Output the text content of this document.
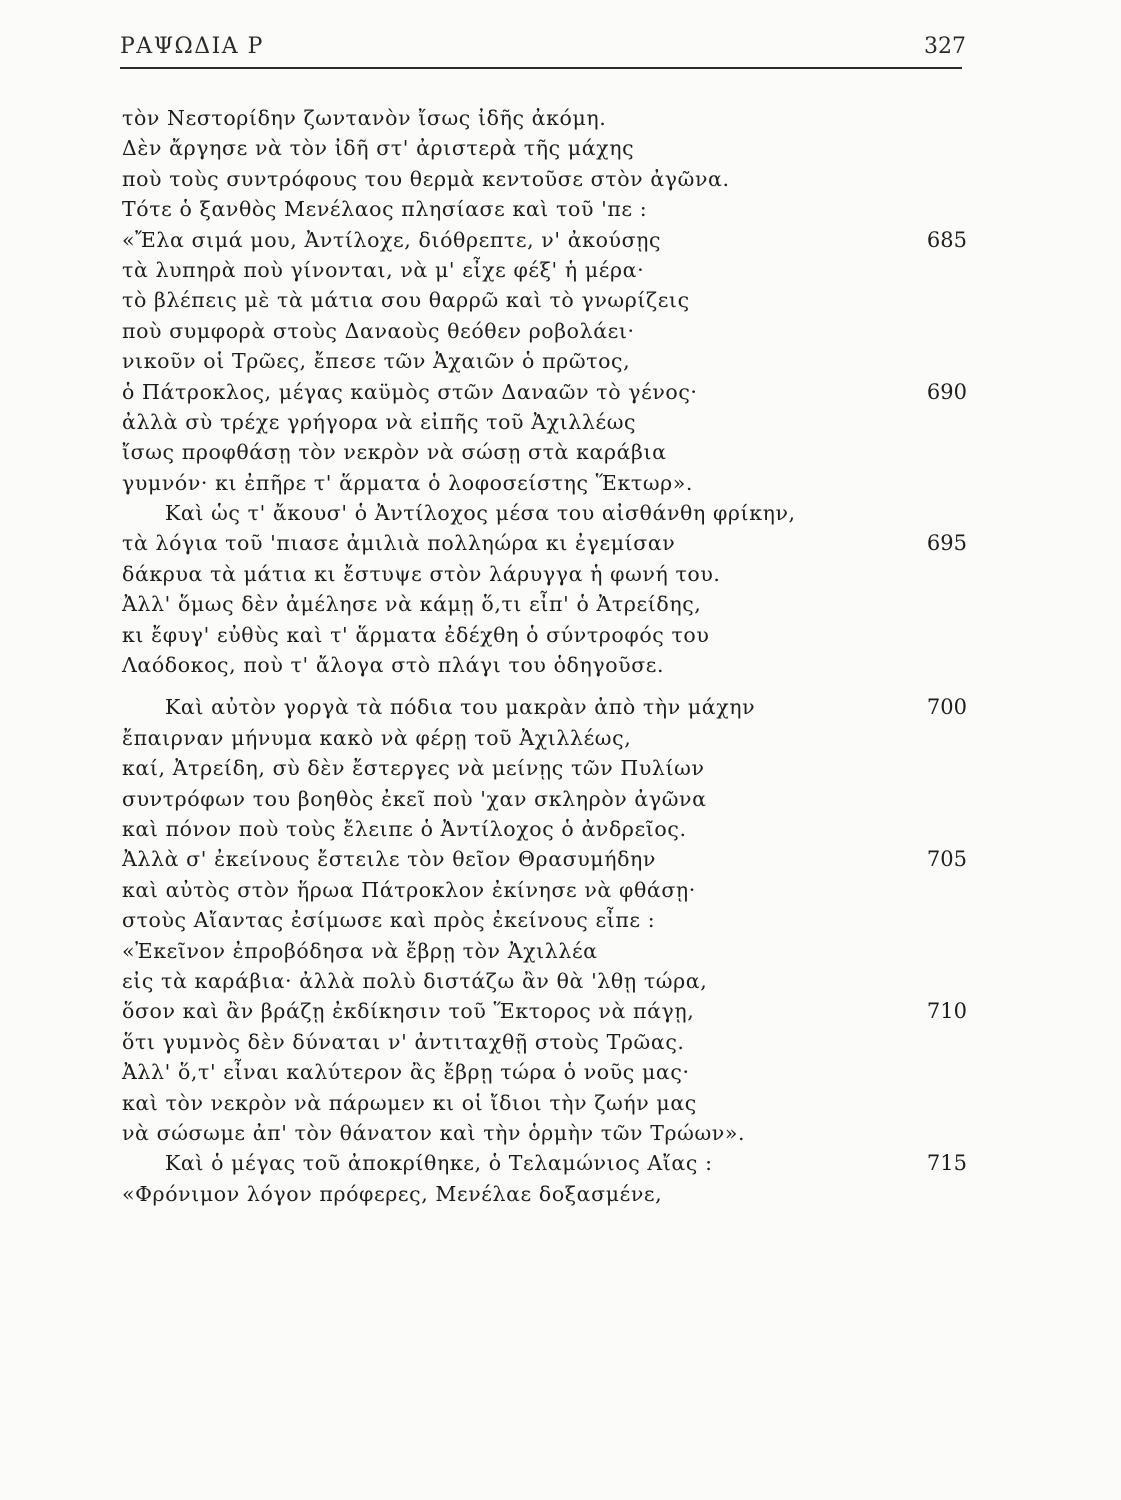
ΡΑΨΩΔΙΑ Ρ	327
τὸν Νεστορίδην ζωντανὸν ἴσως ἰδῆς ἀκόμη.
Δὲν ἄργησε νὰ τὸν ἰδῆ στ' ἀριστερὰ τῆς μάχης
ποὺ τοὺς συντρόφους του θερμὰ κεντοῦσε στὸν ἀγῶνα.
Τότε ὁ ξανθὸς Μενέλαος πλησίασε καὶ τοῦ 'πε :
«Ἔλα σιμά μου, Ἀντίλοχε, διόθρεπτε, ν' ἀκούσῃς	685
τὰ λυπηρὰ ποὺ γίνονται, νὰ μ' εἶχε φέξ' ἡ μέρα·
τὸ βλέπεις μὲ τὰ μάτια σου θαρρῶ καὶ τὸ γνωρίζεις
ποὺ συμφορὰ στοὺς Δαναοὺς θεόθεν ροβολάει·
νικοῦν οἱ Τρῶες, ἔπεσε τῶν Ἀχαιῶν ὁ πρῶτος,
ὁ Πάτροκλος, μέγας καϋμὸς στῶν Δαναῶν τὸ γένος·	690
ἀλλὰ σὺ τρέχε γρήγορα νὰ εἰπῆς τοῦ Ἀχιλλέως
ἴσως προφθάσῃ τὸν νεκρὸν νὰ σώσῃ στὰ καράβια
γυμνόν· κι ἐπῆρε τ' ἅρματα ὁ λοφοσείστης Ἕκτωρ».
Καὶ ὡς τ' ἄκουσ' ὁ Ἀντίλοχος μέσα του αἰσθάνθη φρίκην,
τὰ λόγια τοῦ 'πιασε ἀμιλιὰ πολληώρα κι ἐγεμίσαν	695
δάκρυα τὰ μάτια κι ἔστυψε στὸν λάρυγγα ἡ φωνή του.
Ἀλλ' ὅμως δὲν ἀμέλησε νὰ κάμῃ ὅ,τι εἶπ' ὁ Ἀτρείδης,
κι ἔφυγ' εὐθὺς καὶ τ' ἅρματα ἐδέχθη ὁ σύντροφός του
Λαόδοκος, ποὺ τ' ἄλογα στὸ πλάγι του ὁδηγοῦσε.
Καὶ αὐτὸν γοργὰ τὰ πόδια του μακρὰν ἀπὸ τὴν μάχην	700
ἔπαιρναν μήνυμα κακὸ νὰ φέρῃ τοῦ Ἀχιλλέως,
καί, Ἀτρείδη, σὺ δὲν ἔστεργες νὰ μείνῃς τῶν Πυλίων
συντρόφων του βοηθὸς ἐκεῖ ποὺ 'χαν σκληρὸν ἀγῶνα
καὶ πόνον ποὺ τοὺς ἔλειπε ὁ Ἀντίλοχος ὁ ἀνδρεῖος.
Ἀλλὰ σ' ἐκείνους ἔστειλε τὸν θεῖον Θρασυμήδην	705
καὶ αὐτὸς στὸν ἥρωα Πάτροκλον ἐκίνησε νὰ φθάσῃ·
στοὺς Αἴαντας ἐσίμωσε καὶ πρὸς ἐκείνους εἶπε :
«Ἐκεῖνον ἐπροβόδησα νὰ ἔβρῃ τὸν Ἀχιλλέα
εἰς τὰ καράβια· ἀλλὰ πολὺ διστάζω ἂν θὰ 'λθῃ τώρα,
ὅσον καὶ ἂν βράζῃ ἐκδίκησιν τοῦ Ἕκτορος νὰ πάγῃ,	710
ὅτι γυμνὸς δὲν δύναται ν' ἀντιταχθῇ στοὺς Τρῶας.
Ἀλλ' ὅ,τ' εἶναι καλύτερον ἂς ἔβρῃ τώρα ὁ νοῦς μας·
καὶ τὸν νεκρὸν νὰ πάρωμεν κι οἱ ἴδιοι τὴν ζωήν μας
νὰ σώσωμε ἀπ' τὸν θάνατον καὶ τὴν ὁρμὴν τῶν Τρώων».
Καὶ ὁ μέγας τοῦ ἀποκρίθηκε, ὁ Τελαμώνιος Αἴας :	715
«Φρόνιμον λόγον πρόφερες, Μενέλαε δοξασμένε,
